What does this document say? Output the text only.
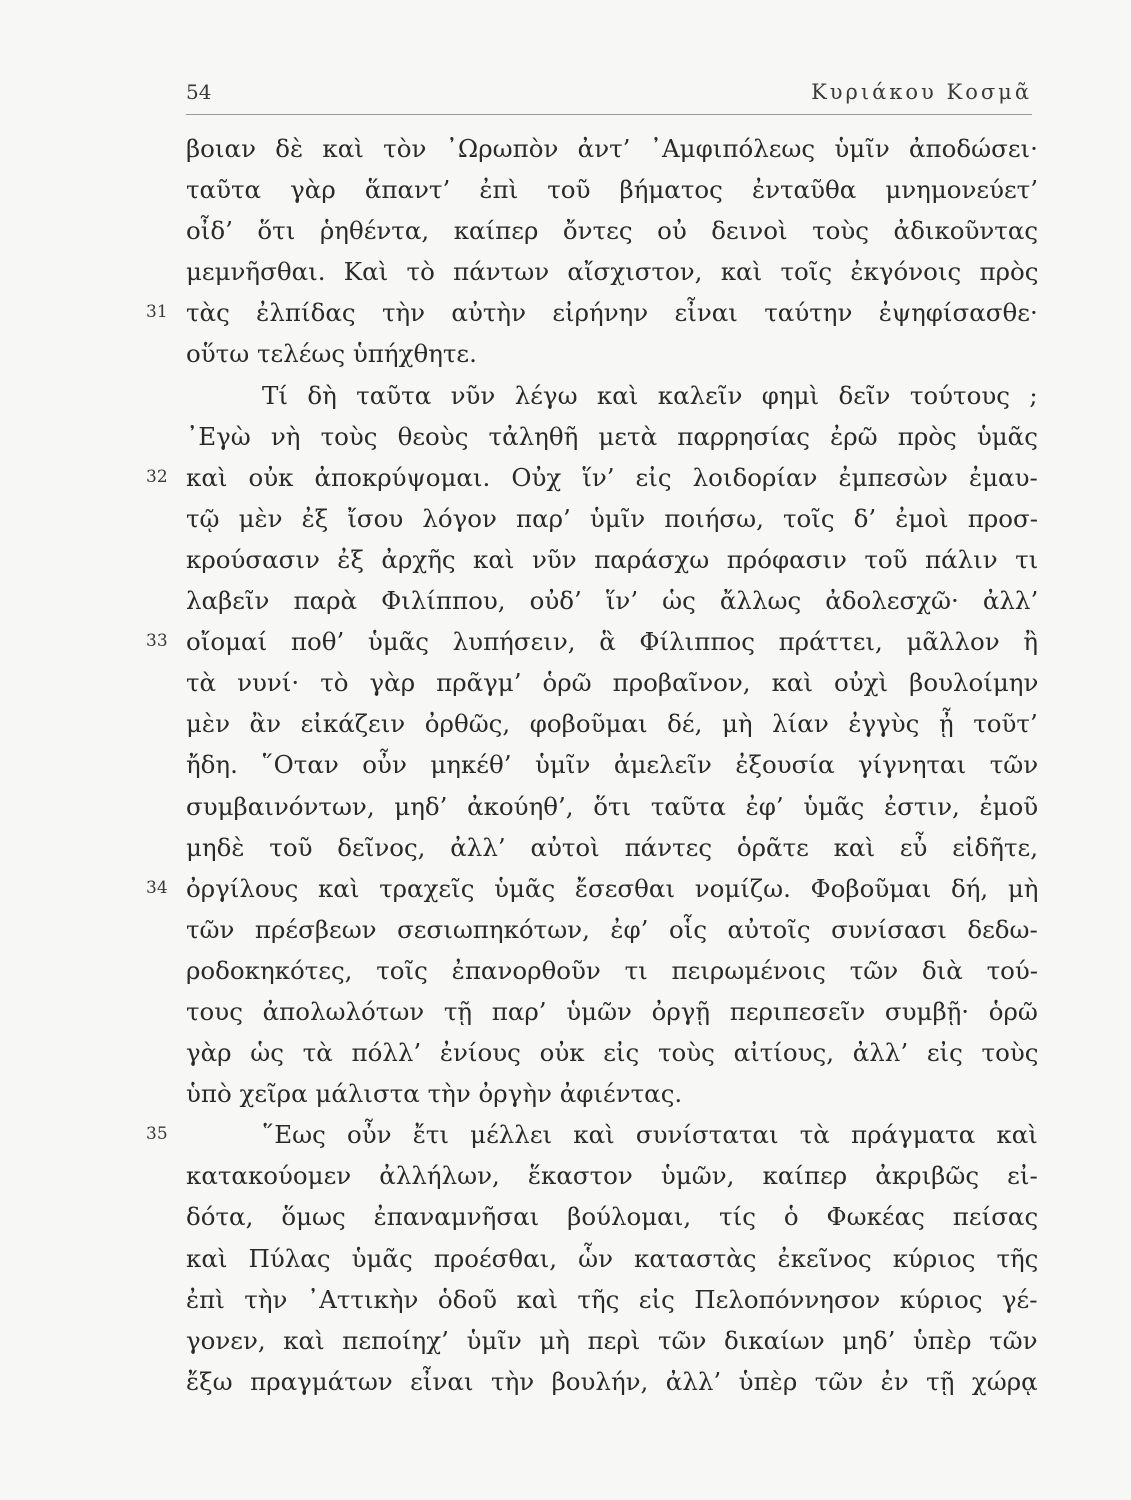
54	Κυριάκου Κοσμᾶ
βοιαν δὲ καὶ τὸν ᾿Ωρωπὸν ἀντ’ ᾿Αμφιπόλεως ὑμῖν ἀποδώσει·
ταῦτα γὰρ ἅπαντ’ ἐπὶ τοῦ βήματος ἐνταῦθα μνημονεύετ’
οἶδ’ ὅτι ῥηθέντα, καίπερ ὄντες οὐ δεινοὶ τοὺς ἀδικοῦντας
μεμνῆσθαι. Καὶ τὸ πάντων αἴσχιστον, καὶ τοῖς ἐκγόνοις πρὸς
31 τὰς ἐλπίδας τὴν αὐτὴν εἰρήνην εἶναι ταύτην ἐψηφίσασθε·
οὕτω τελέως ὑπήχθητε.
Τί δὴ ταῦτα νῦν λέγω καὶ καλεῖν φημὶ δεῖν τούτους ;
᾿Εγὼ νὴ τοὺς θεοὺς τἀληθῆ μετὰ παρρησίας ἐρῶ πρὸς ὑμᾶς
32 καὶ οὐκ ἀποκρύψομαι. Οὐχ ἵν’ εἰς λοιδορίαν ἐμπεσὼν ἐμαυ-
τῷ μὲν ἐξ ἴσου λόγον παρ’ ὑμῖν ποιήσω, τοῖς δ’ ἐμοὶ προσ-
κρούσασιν ἐξ ἀρχῆς καὶ νῦν παράσχω πρόφασιν τοῦ πάλιν τι
λαβεῖν παρὰ Φιλίππου, οὐδ’ ἵν’ ὡς ἄλλως ἀδολεσχῶ· ἀλλ’
33 οἴομαί ποθ’ ὑμᾶς λυπήσειν, ἃ Φίλιππος πράττει, μᾶλλον ἢ
τὰ νυνί· τὸ γὰρ πρᾶγμ’ ὁρῶ προβαῖνον, καὶ οὐχὶ βουλοίμην
μὲν ἂν εἰκάζειν ὀρθῶς, φοβοῦμαι δέ, μὴ λίαν ἐγγὺς ᾖ τοῦτ’
ἤδη. ῞Οταν οὖν μηκέθ’ ὑμῖν ἀμελεῖν ἐξουσία γίγνηται τῶν
συμβαινόντων, μηδ’ ἀκούηθ’, ὅτι ταῦτα ἐφ’ ὑμᾶς ἐστιν, ἐμοῦ
μηδὲ τοῦ δεῖνος, ἀλλ’ αὐτοὶ πάντες ὁρᾶτε καὶ εὖ εἰδῆτε,
34 ὀργίλους καὶ τραχεῖς ὑμᾶς ἔσεσθαι νομίζω. Φοβοῦμαι δή, μὴ
τῶν πρέσβεων σεσιωπηκότων, ἐφ’ οἷς αὐτοῖς συνίσασι δεδω-
ροδοκηκότες, τοῖς ἐπανορθοῦν τι πειρωμένοις τῶν διὰ τού-
τους ἀπολωλότων τῇ παρ’ ὑμῶν ὀργῇ περιπεσεῖν συμβῇ· ὁρῶ
γὰρ ὡς τὰ πόλλ’ ἐνίους οὐκ εἰς τοὺς αἰτίους, ἀλλ’ εἰς τοὺς
ὑπὸ χεῖρα μάλιστα τὴν ὀργὴν ἀφιέντας.
35	῞Εως οὖν ἔτι μέλλει καὶ συνίσταται τὰ πράγματα καὶ
κατακούομεν ἀλλήλων, ἕκαστον ὑμῶν, καίπερ ἀκριβῶς εἰ-
δότα, ὅμως ἐπαναμνῆσαι βούλομαι, τίς ὁ Φωκέας πείσας
καὶ Πύλας ὑμᾶς προέσθαι, ὧν καταστὰς ἐκεῖνος κύριος τῆς
ἐπὶ τὴν ᾿Αττικὴν ὁδοῦ καὶ τῆς εἰς Πελοπόννησον κύριος γέ-
γονεν, καὶ πεποίηχ’ ὑμῖν μὴ περὶ τῶν δικαίων μηδ’ ὑπὲρ τῶν
ἔξω πραγμάτων εἶναι τὴν βουλήν, ἀλλ’ ὑπὲρ τῶν ἐν τῇ χώρᾳ
